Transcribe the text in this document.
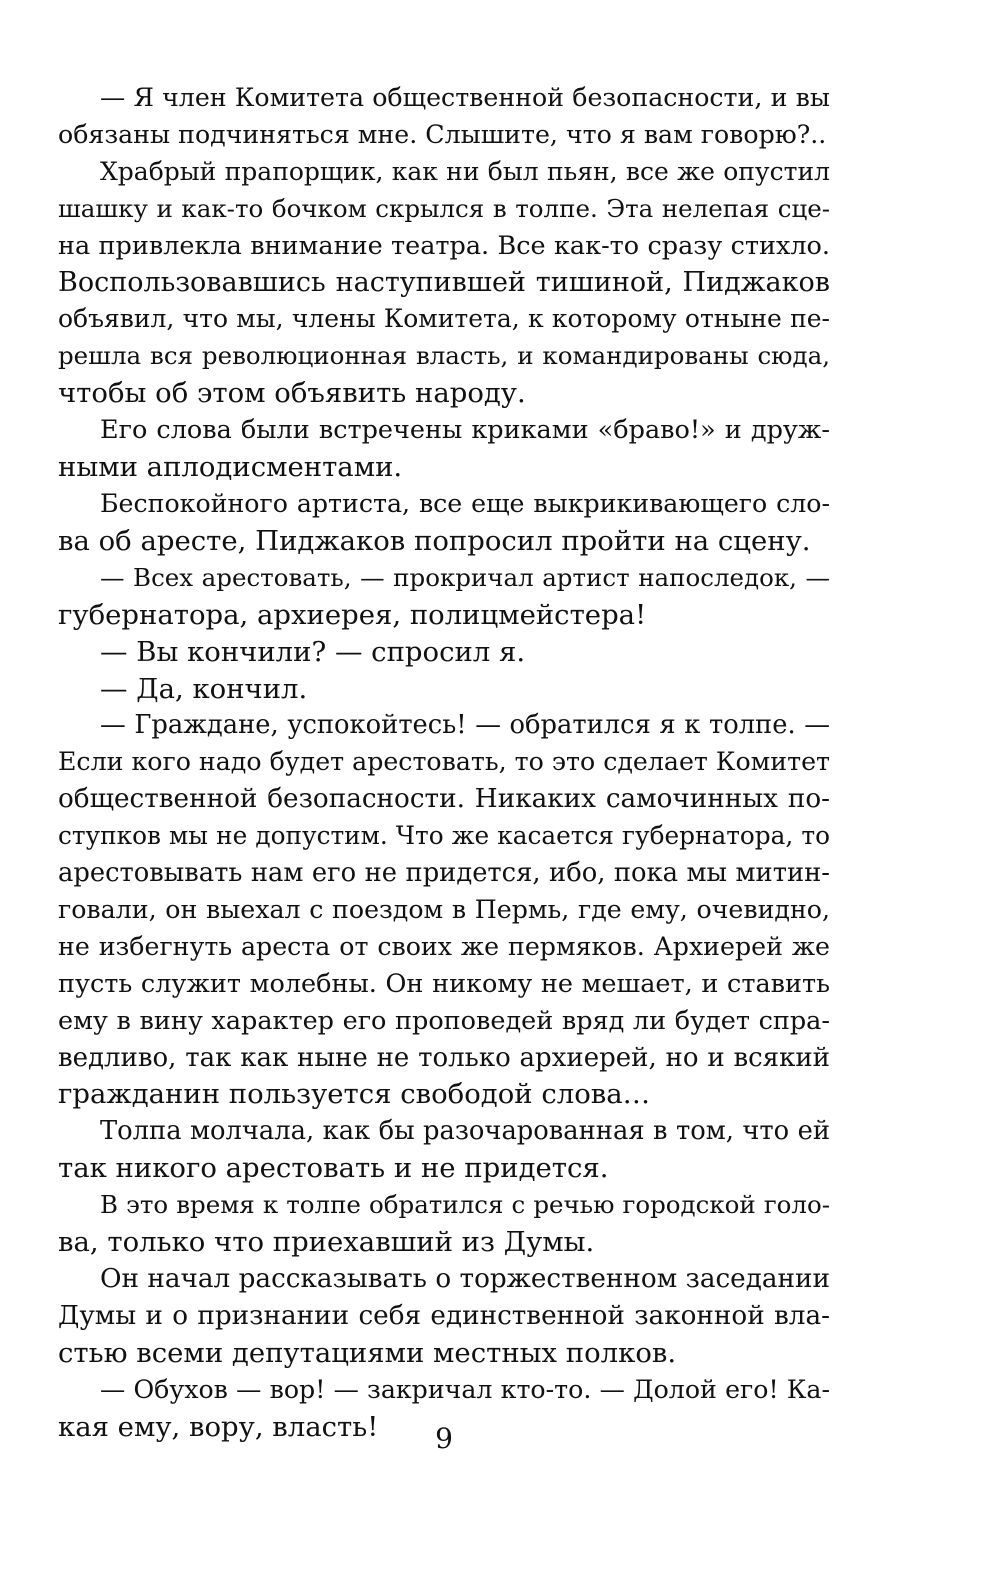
— Я член Комитета общественной безопасности, и вы
обязаны подчиняться мне. Слышите, что я вам говорю?..

Храбрый прапорщик, как ни был пьян, все же опустил
шашку и как-то бочком скрылся в толпе. Эта нелепая сце-
на привлекла внимание театра. Все как-то сразу стихло.
Воспользовавшись наступившей тишиной, Пиджаков
объявил, что мы, члены Комитета, к которому отныне пе-
решла вся революционная власть, и командированы сюда,
чтобы об этом объявить народу.

Его слова были встречены криками «браво!» и друж-
ными аплодисментами.

Беспокойного артиста, все еще выкрикивающего сло-
ва об аресте, Пиджаков попросил пройти на сцену.

— Всех арестовать, — прокричал артист напоследок, —
губернатора, архиерея, полицмейстера!

— Вы кончили? — спросил я.

— Да, кончил.

— Граждане, успокойтесь! — обратился я к толпе. —
Если кого надо будет арестовать, то это сделает Комитет
общественной безопасности. Никаких самочинных по-
ступков мы не допустим. Что же касается губернатора, то
арестовывать нам его не придется, ибо, пока мы митин-
говали, он выехал с поездом в Пермь, где ему, очевидно,
не избегнуть ареста от своих же пермяков. Архиерей же
пусть служит молебны. Он никому не мешает, и ставить
ему в вину характер его проповедей вряд ли будет спра-
ведливо, так как ныне не только архиерей, но и всякий
гражданин пользуется свободой слова…

Толпа молчала, как бы разочарованная в том, что ей
так никого арестовать и не придется.

В это время к толпе обратился с речью городской голо-
ва, только что приехавший из Думы.

Он начал рассказывать о торжественном заседании
Думы и о признании себя единственной законной вла-
стью всеми депутациями местных полков.

— Обухов — вор! — закричал кто-то. — Долой его! Ка-
кая ему, вору, власть!	9
